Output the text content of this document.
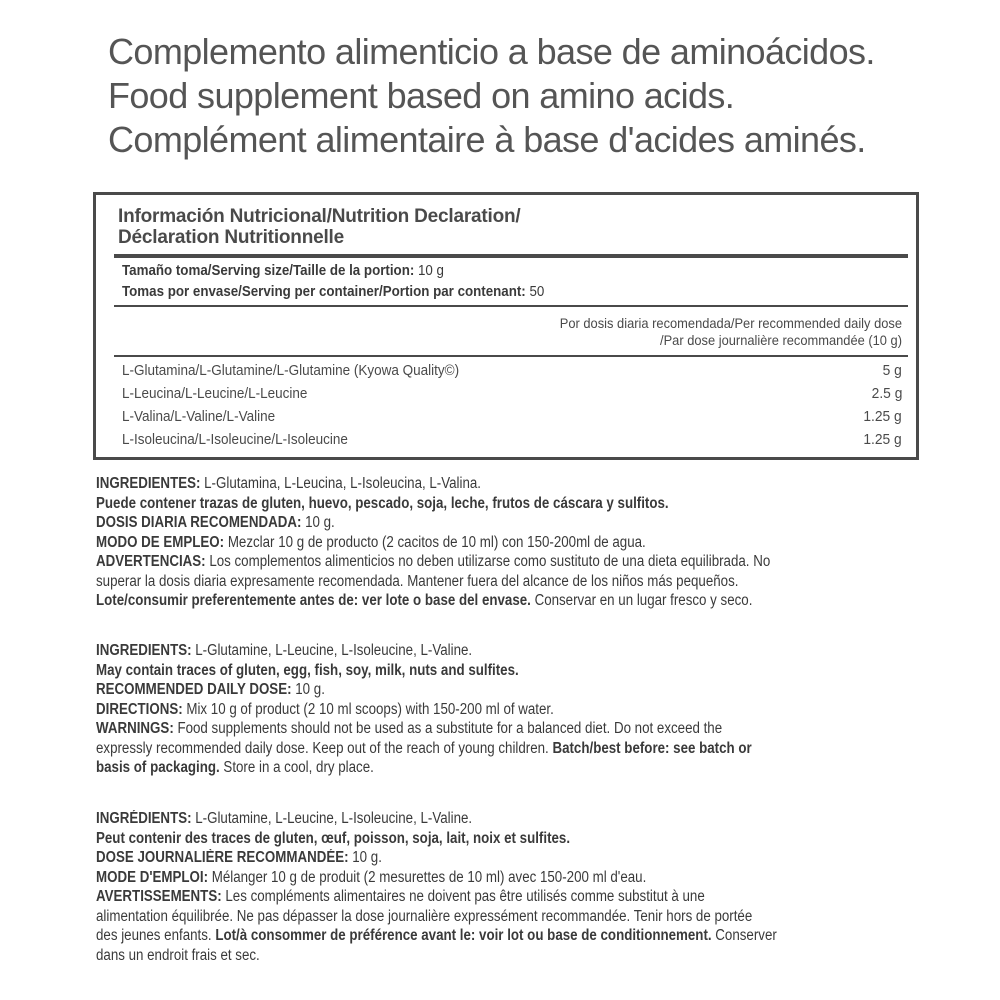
Complemento alimenticio a base de aminoácidos.
Food supplement based on amino acids.
Complément alimentaire à base d'acides aminés.
Información Nutricional/Nutrition Declaration/
Déclaration Nutritionnelle
Tamaño toma/Serving size/Taille de la portion: 10 g
Tomas por envase/Serving per container/Portion par contenant: 50
Por dosis diaria recomendada/Per recommended daily dose
/Par dose journalière recommandée (10 g)
L-Glutamina/L-Glutamine/L-Glutamine (Kyowa Quality©)	5 g
L-Leucina/L-Leucine/L-Leucine	2.5 g
L-Valina/L-Valine/L-Valine	1.25 g
L-Isoleucina/L-Isoleucine/L-Isoleucine	1.25 g

INGREDIENTES: L-Glutamina, L-Leucina, L-Isoleucina, L-Valina.

Puede contener trazas de gluten, huevo, pescado, soja, leche, frutos de cáscara y sulfitos.

DOSIS DIARIA RECOMENDADA: 10 g.

MODO DE EMPLEO: Mezclar 10 g de producto (2 cacitos de 10 ml) con 150-200ml de agua.

ADVERTENCIAS: Los complementos alimenticios no deben utilizarse como sustituto de una dieta equilibrada. No

superar la dosis diaria expresamente recomendada. Mantener fuera del alcance de los niños más pequeños.

Lote/consumir preferentemente antes de: ver lote o base del envase. Conservar en un lugar fresco y seco.

INGREDIENTS: L-Glutamine, L-Leucine, L-Isoleucine, L-Valine.

May contain traces of gluten, egg, fish, soy, milk, nuts and sulfites.

RECOMMENDED DAILY DOSE: 10 g.

DIRECTIONS: Mix 10 g of product (2 10 ml scoops) with 150-200 ml of water.

WARNINGS: Food supplements should not be used as a substitute for a balanced diet. Do not exceed the

expressly recommended daily dose. Keep out of the reach of young children. Batch/best before: see batch or

basis of packaging. Store in a cool, dry place.

INGRÉDIENTS: L-Glutamine, L-Leucine, L-Isoleucine, L-Valine.

Peut contenir des traces de gluten, œuf, poisson, soja, lait, noix et sulfites.

DOSE JOURNALIÈRE RECOMMANDÉE: 10 g.

MODE D'EMPLOI: Mélanger 10 g de produit (2 mesurettes de 10 ml) avec 150-200 ml d'eau.

AVERTISSEMENTS: Les compléments alimentaires ne doivent pas être utilisés comme substitut à une

alimentation équilibrée. Ne pas dépasser la dose journalière expressément recommandée. Tenir hors de portée

des jeunes enfants. Lot/à consommer de préférence avant le: voir lot ou base de conditionnement. Conserver

dans un endroit frais et sec.
